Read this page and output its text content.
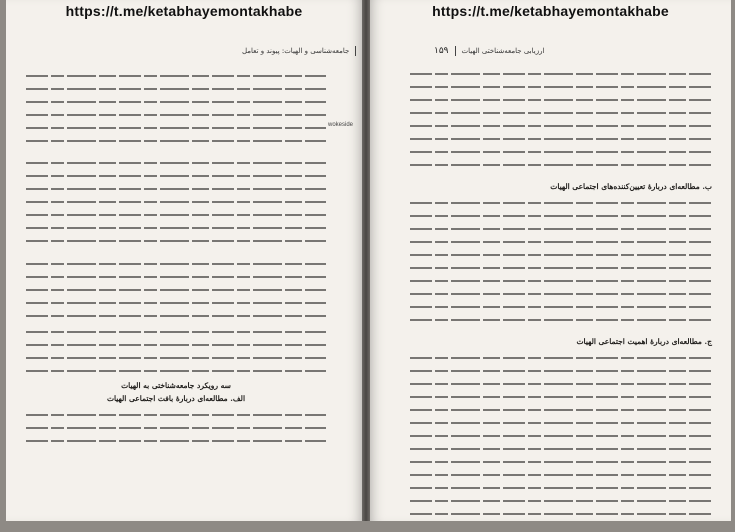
https://t.me/ketabhayemontakhabe
جامعه‌شناسی و الهیات: پیوند و تعامل
wokeside
سه رویکرد جامعه‌شناختی به الهیات
الف. مطالعه‌ای دربارهٔ بافت اجتماعی الهیات
https://t.me/ketabhayemontakhabe
ارزیابی جامعه‌شناختی الهیات
۱۵۹
ب. مطالعه‌ای دربارهٔ تعیین‌کننده‌های اجتماعی الهیات
ج. مطالعه‌ای دربارهٔ اهمیت اجتماعی الهیات
